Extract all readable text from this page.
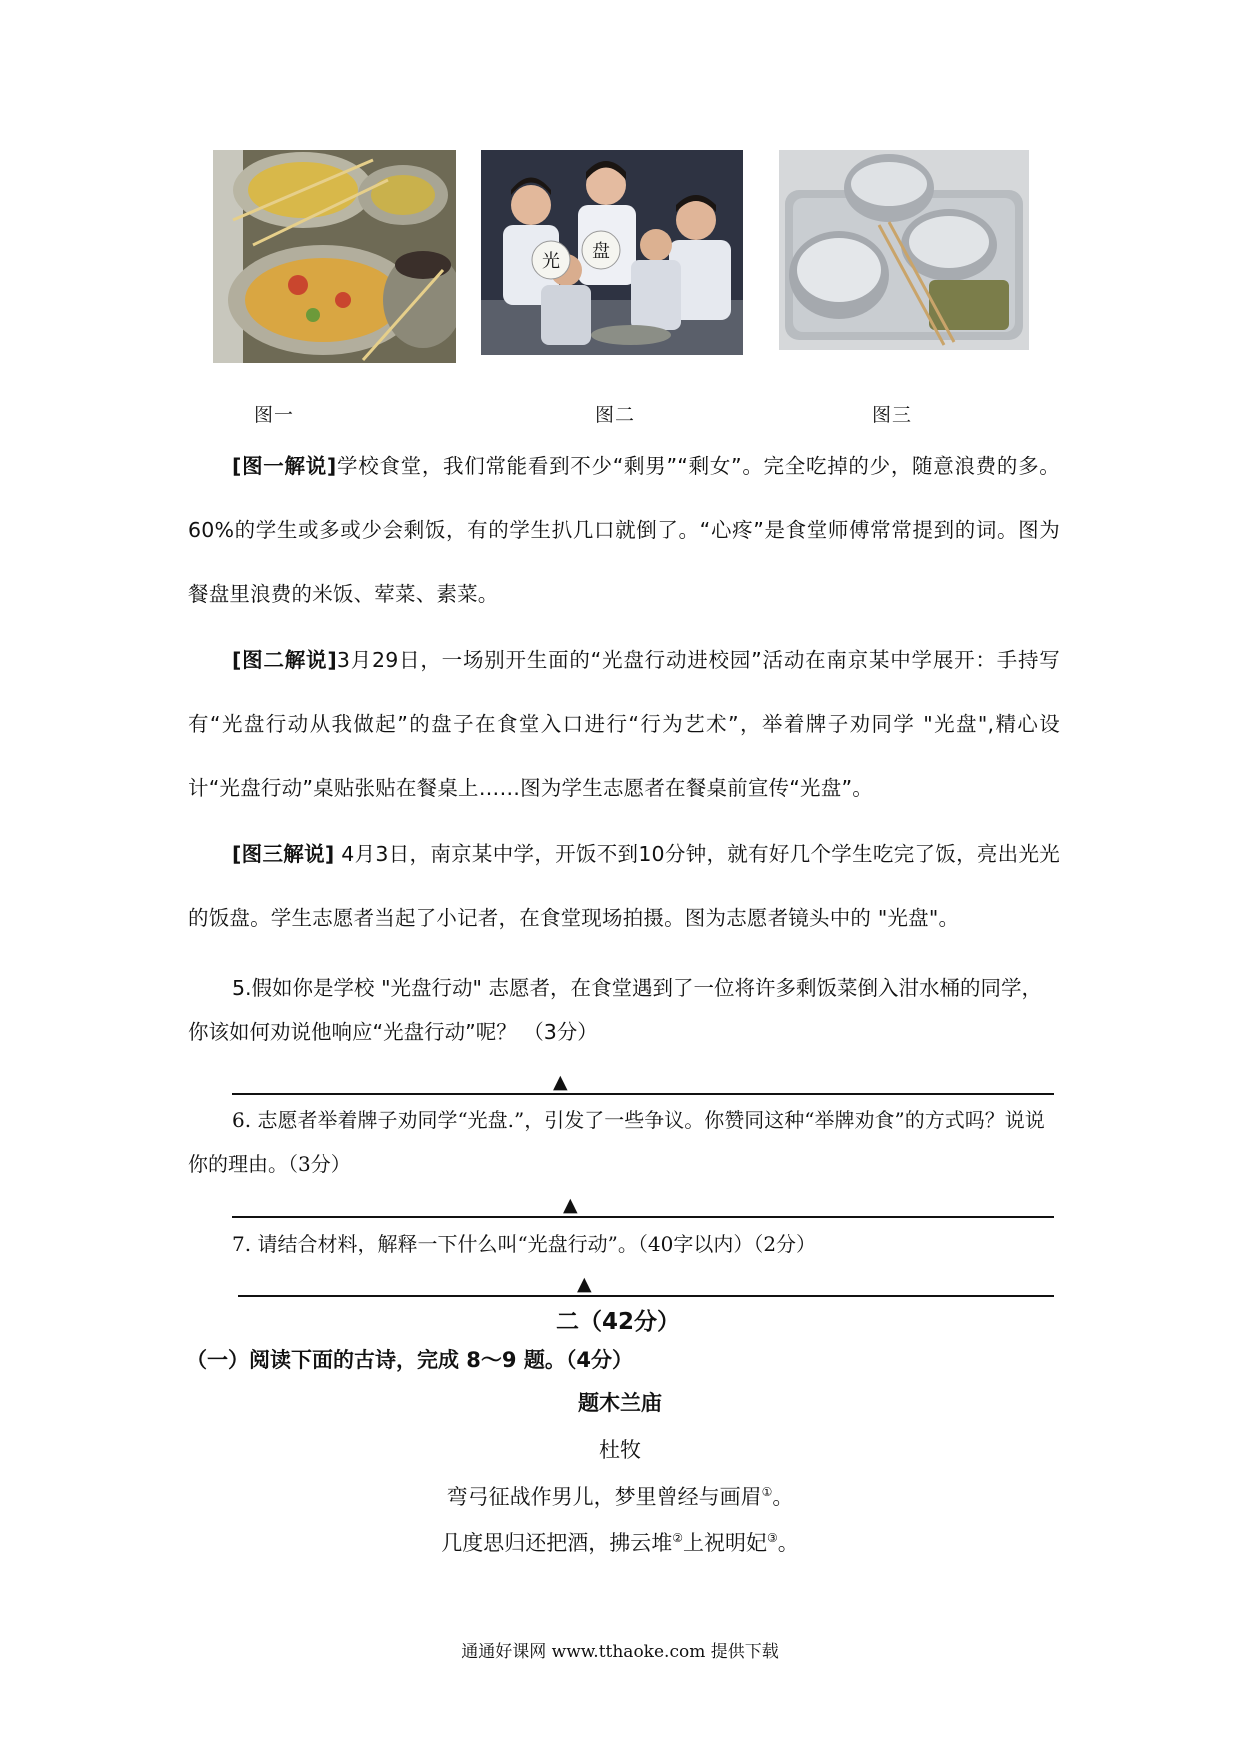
光 盘
图一	图二	图三
[图一解说]学校食堂，我们常能看到不少“剩男”“剩女”。完全吃掉的少，随意浪费的多。60%的学生或多或少会剩饭，有的学生扒几口就倒了。“心疼”是食堂师傅常常提到的词。图为餐盘里浪费的米饭、荤菜、素菜。
[图二解说]3月29日，一场别开生面的“光盘行动进校园”活动在南京某中学展开：手持写有“光盘行动从我做起”的盘子在食堂入口进行“行为艺术”，举着牌子劝同学 "光盘",精心设计“光盘行动”桌贴张贴在餐桌上……图为学生志愿者在餐桌前宣传“光盘”。
[图三解说] 4月3日，南京某中学，开饭不到10分钟，就有好几个学生吃完了饭，亮出光光的饭盘。学生志愿者当起了小记者，在食堂现场拍摄。图为志愿者镜头中的 "光盘"。
5.假如你是学校 "光盘行动" 志愿者，在食堂遇到了一位将许多剩饭菜倒入泔水桶的同学，你该如何劝说他响应“光盘行动”呢？ （3分）
▲
6. 志愿者举着牌子劝同学“光盘.”，引发了一些争议。你赞同这种“举牌劝食”的方式吗？说说你的理由。（3分）
▲
7. 请结合材料，解释一下什么叫“光盘行动”。（40字以内）（2分）
▲
二（42分）
（一）阅读下面的古诗，完成 8～9 题。（4分）
题木兰庙
杜牧
弯弓征战作男儿，梦里曾经与画眉①。
几度思归还把酒，拂云堆②上祝明妃③。
通通好课网 www.tthaoke.com 提供下载
